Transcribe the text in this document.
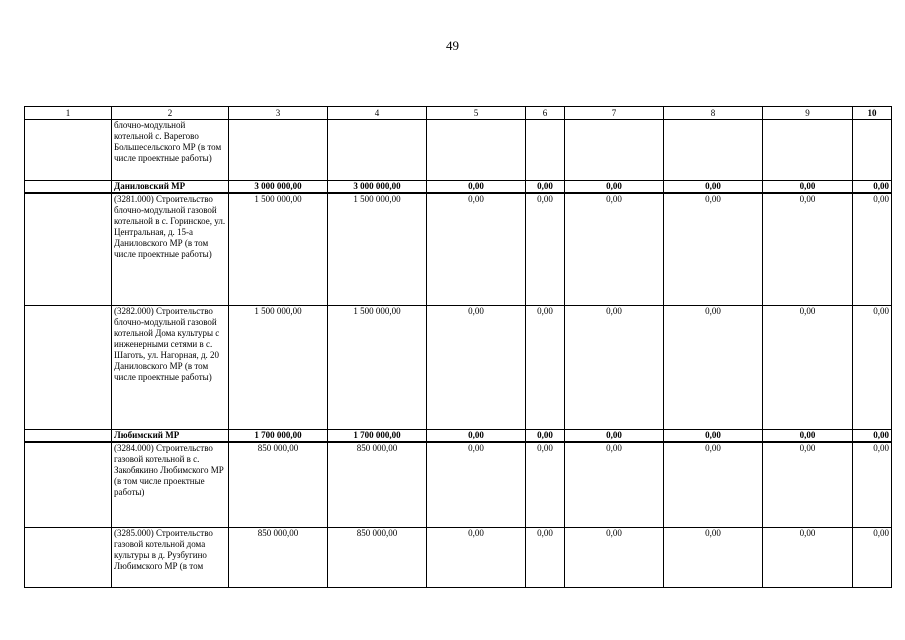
49
1	2	3	4	5	6	7	8	9	10
	блочно-модульной котельной с. Варегово Большесельского МР (в том числе проектные работы)								
	Даниловский МР	3 000 000,00	3 000 000,00	0,00	0,00	0,00	0,00	0,00	0,00
	(3281.000) Строительство блочно-модульной газовой котельной в с. Горинское, ул. Центральная, д. 15-а Даниловского МР (в том числе проектные работы)	1 500 000,00	1 500 000,00	0,00	0,00	0,00	0,00	0,00	0,00
	(3282.000) Строительство блочно-модульной газовой котельной Дома культуры с инженерными сетями в с. Шаготь, ул. Нагорная, д. 20 Даниловского МР (в том числе проектные работы)	1 500 000,00	1 500 000,00	0,00	0,00	0,00	0,00	0,00	0,00
	Любимский МР	1 700 000,00	1 700 000,00	0,00	0,00	0,00	0,00	0,00	0,00
	(3284.000) Строительство газовой котельной в с. Закобякино Любимского МР (в том числе проектные работы)	850 000,00	850 000,00	0,00	0,00	0,00	0,00	0,00	0,00
	(3285.000) Строительство газовой котельной дома культуры в д. Рузбугино Любимского МР (в том	850 000,00	850 000,00	0,00	0,00	0,00	0,00	0,00	0,00
